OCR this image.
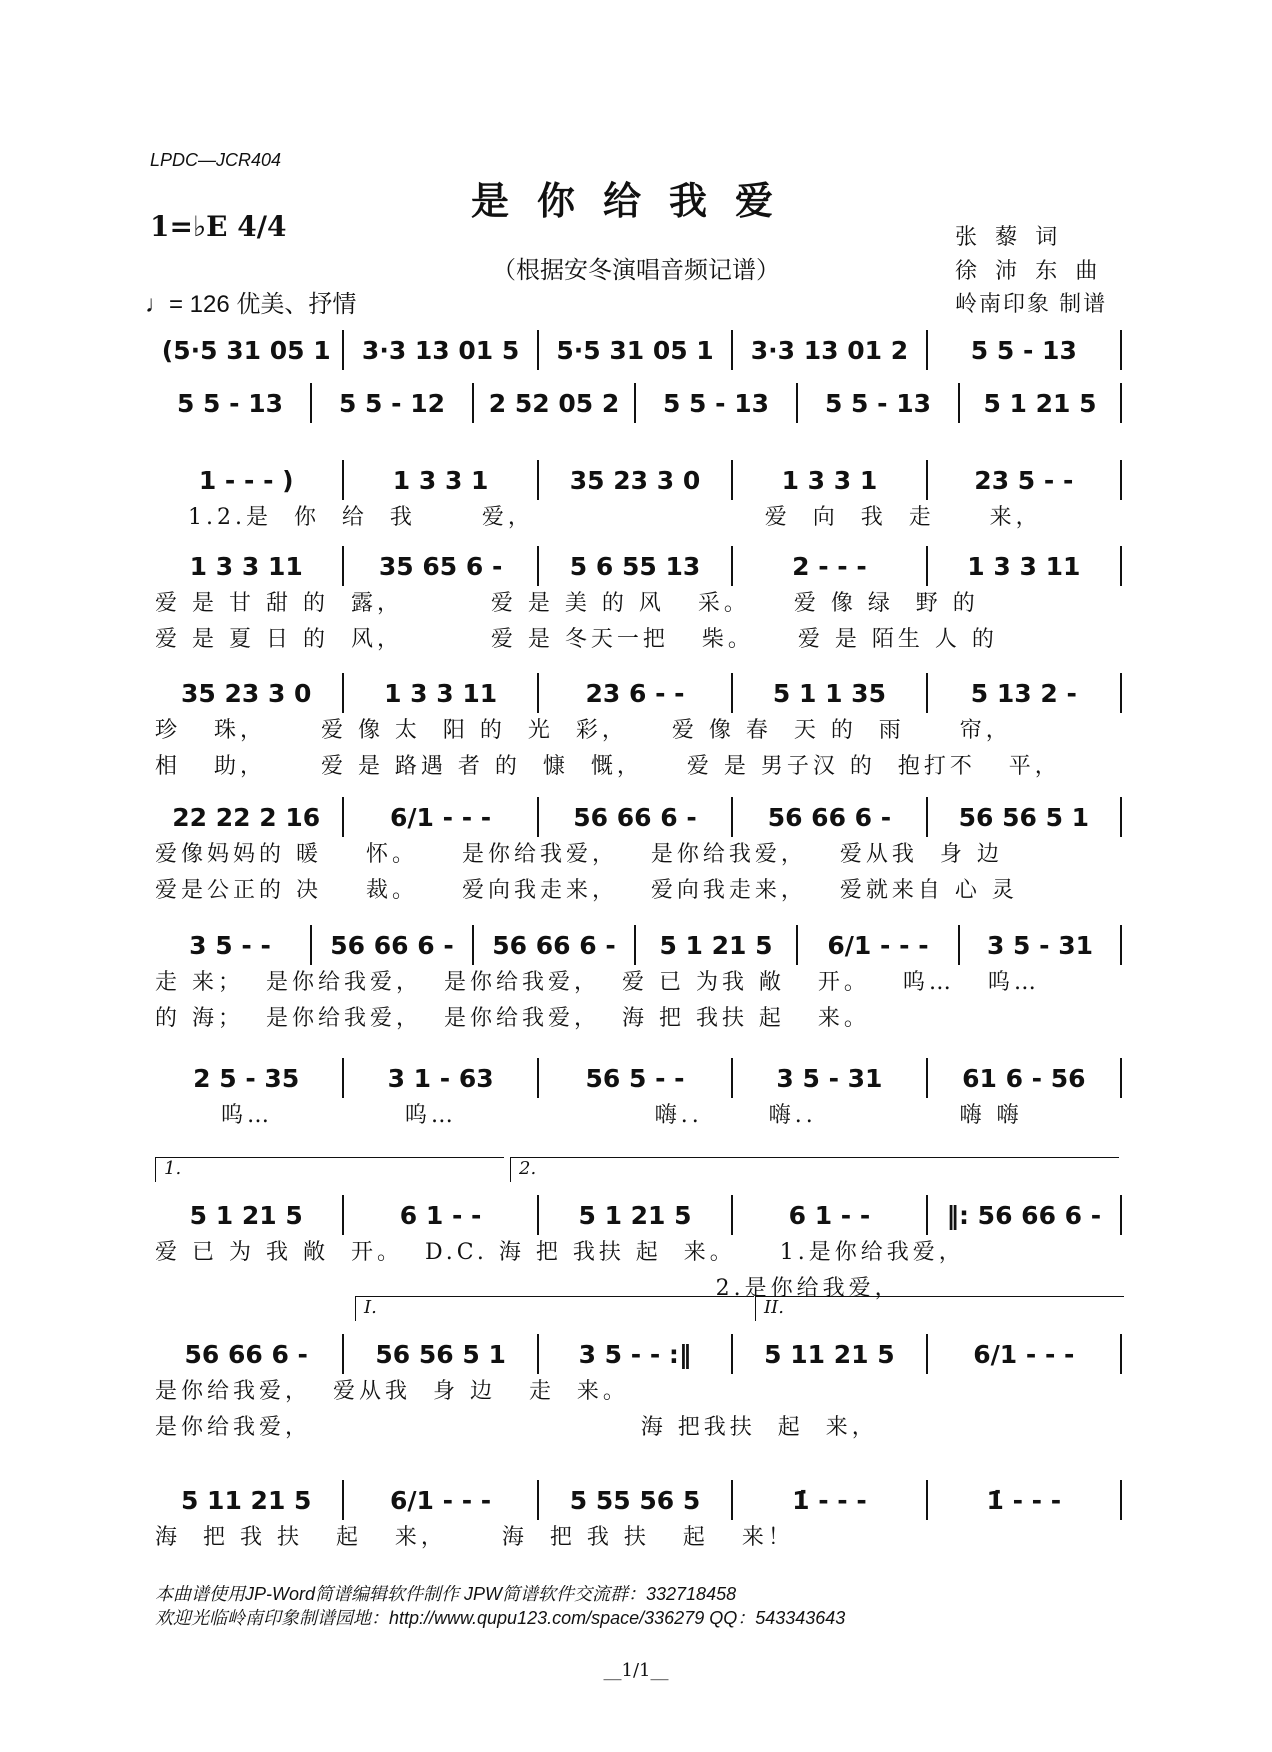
LPDC—JCR404
是你给我爱
（根据安冬演唱音频记谱）
1=♭E 4/4
♩= 126 优美、抒情
张 藜 词
徐 沛 东 曲
岭南印象 制谱
(5·5 31 05 1	3·3 13 01 5	5·5 31 05 1	3·3 13 01 2	5 5 - 13
5 5 - 13	5 5 - 12	2 52 05 2	5 5 - 13	5 5 - 13	5 1 21 5
1 - - - )	1 3 3 1	35 23 3 0	1 3 3 1	23 5 - -
1.2.是  你  给  我      爱，                     爱  向  我  走     来，
1 3 3 11	35 65 6 -	5 6 55 13	2 - - -	1 3 3 11
爱 是 甘 甜 的  露，        爱 是 美 的 风   采。    爱 像 绿  野 的
爱 是 夏 日 的  风，        爱 是 冬天一把   柴。    爱 是 陌生 人 的
35 23 3 0	1 3 3 11	23 6 - -	5 1 1 35	5 13 2 -
珍   珠，     爱 像 太  阳 的  光  彩，    爱 像 春  天 的  雨     帘，
相   助，     爱 是 路遇 者 的  慷  慨，    爱 是 男子汉 的  抱打不   平，
22 22 2 16	6/1 - - -	56 66 6 -	56 66 6 -	56 56 5 1
爱像妈妈的 暖    怀。    是你给我爱，   是你给我爱，   爱从我  身 边
爱是公正的 决    裁。    爱向我走来，   爱向我走来，   爱就来自 心 灵
3 5 - -	56 66 6 -	56 66 6 -	5 1 21 5	6/1 - - -	3 5 - 31
走 来；  是你给我爱，  是你给我爱，  爱 已 为我 敞   开。   呜…   呜…
的 海；  是你给我爱，  是你给我爱，  海 把 我扶 起   来。
2 5 - 35	3 1 - 63	56 5 - -	3 5 - 31	61 6 - 56
呜…            呜…                  嗨..      嗨..             嗨 嗨
5 1 21 5	6 1 - -	5 1 21 5	6 1 - -	‖: 56 66 6 -
1.	2.
爱 已 为 我 敞  开。  D.C. 海 把 我扶 起  来。    1.是你给我爱，
2.是你给我爱，
56 66 6 -	56 56 5 1	3 5 - - :‖	5 11 21 5	6/1 - - -
I.	II.
是你给我爱，  爱从我  身 边   走  来。
是你给我爱，                              海 把我扶  起  来，
5 11 21 5	6/1 - - -	5 55 56 5	1̇ - - -	1̇ - - -
海  把 我 扶   起   来，     海  把 我 扶   起   来！
本曲谱使用JP-Word简谱编辑软件制作 JPW简谱软件交流群：332718458
欢迎光临岭南印象制谱园地：http://www.qupu123.com/space/336279 QQ：543343643
__1/1__
